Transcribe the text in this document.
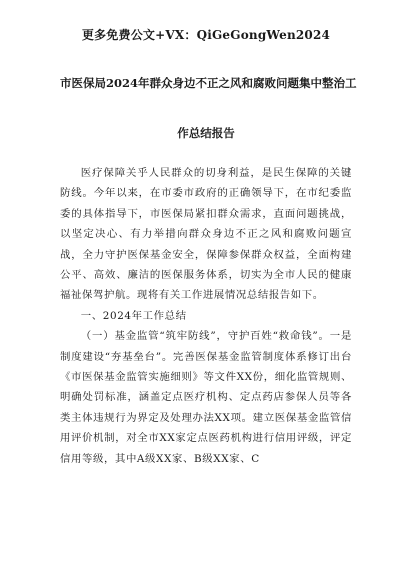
更多免费公文+VX：QiGeGongWen2024
市医保局2024年群众身边不正之风和腐败问题集中整治工
作总结报告

医疗保障关乎人民群众的切身利益，是民生保障的关键防线。今年以来，在市委市政府的正确领导下，在市纪委监委的具体指导下，市医保局紧扣群众需求，直面问题挑战，以坚定决心、有力举措向群众身边不正之风和腐败问题宣战，全力守护医保基金安全，保障参保群众权益，全面构建公平、高效、廉洁的医保服务体系，切实为全市人民的健康福祉保驾护航。现将有关工作进展情况总结报告如下。

一、2024年工作总结

（一）基金监管“筑牢防线”，守护百姓“救命钱”。一是制度建设“夯基垒台”。完善医保基金监管制度体系修订出台《市医保基金监管实施细则》等文件XX份，细化监管规则、明确处罚标准，涵盖定点医疗机构、定点药店参保人员等各类主体违规行为界定及处理办法XX项。建立医保基金监管信用评价机制，对全市XX家定点医药机构进行信用评级，评定信用等级，其中A级XX家、B级XX家、C
